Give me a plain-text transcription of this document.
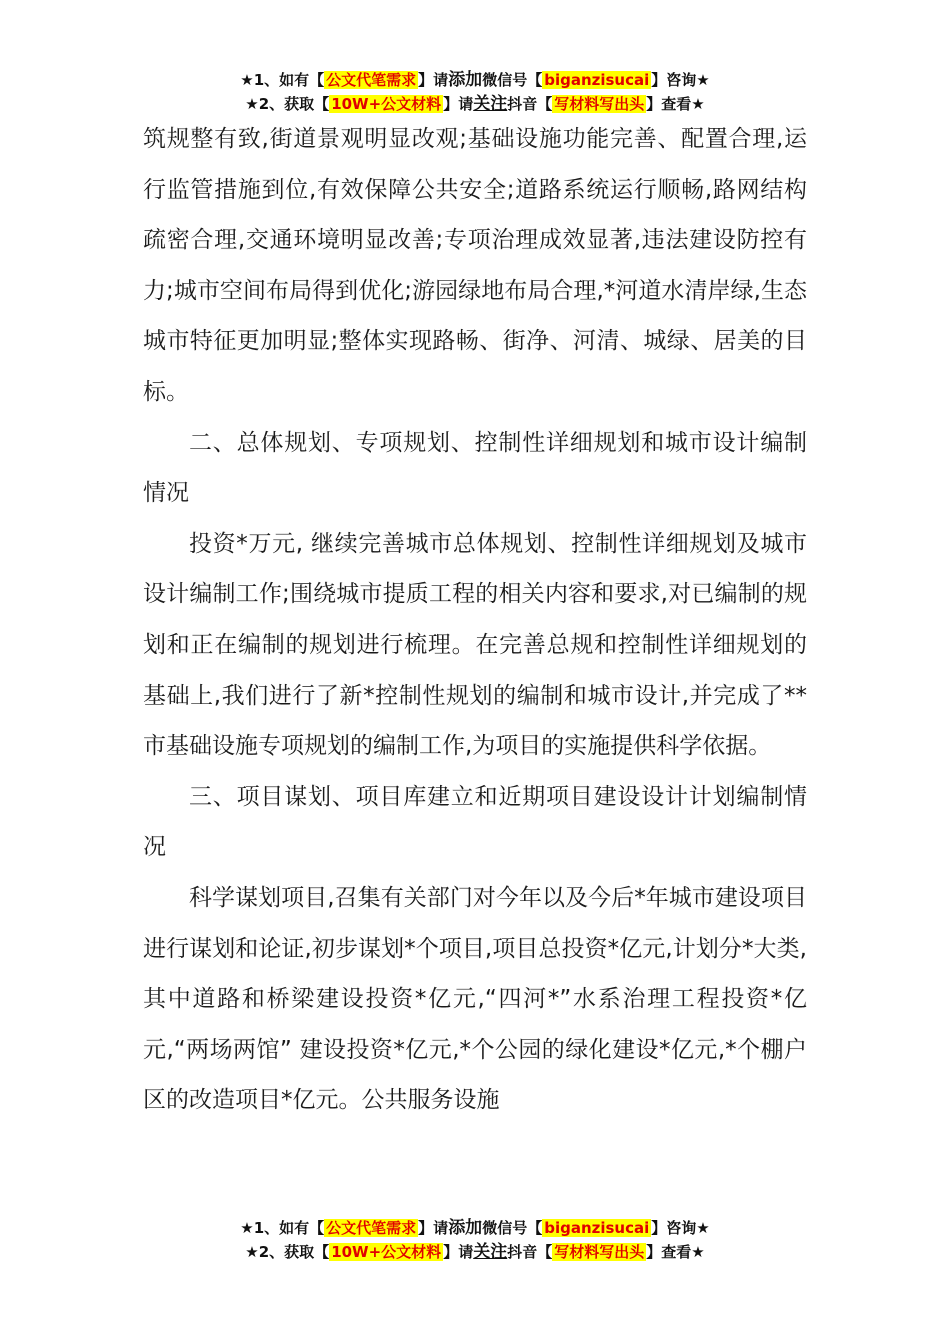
★1、如有【 公文代笔需求 】请添加微信号【 biganzisucai 】咨询★
★2、获取【 10W+公文材料 】请关注抖音【 写材料写出头 】查看★

筑规整有致,街道景观明显改观;基础设施功能完善、配置合理,运行监管措施到位,有效保障公共安全;道路系统运行顺畅,路网结构疏密合理,交通环境明显改善;专项治理成效显著,违法建设防控有力;城市空间布局得到优化;游园绿地布局合理,*河道水清岸绿,生态城市特征更加明显;整体实现路畅、街净、河清、城绿、居美的目标。

二、总体规划、专项规划、控制性详细规划和城市设计编制情况

投资*万元, 继续完善城市总体规划、控制性详细规划及城市设计编制工作;围绕城市提质工程的相关内容和要求,对已编制的规划和正在编制的规划进行梳理。在完善总规和控制性详细规划的基础上,我们进行了新*控制性规划的编制和城市设计,并完成了**市基础设施专项规划的编制工作,为项目的实施提供科学依据。

三、项目谋划、项目库建立和近期项目建设设计计划编制情况

科学谋划项目,召集有关部门对今年以及今后*年城市建设项目进行谋划和论证,初步谋划*个项目,项目总投资*亿元,计划分*大类,其中道路和桥梁建设投资*亿元,“四河*”水系治理工程投资*亿元,“两场两馆” 建设投资*亿元,*个公园的绿化建设*亿元,*个棚户区的改造项目*亿元。公共服务设施

★1、如有【 公文代笔需求 】请添加微信号【 biganzisucai 】咨询★
★2、获取【 10W+公文材料 】请关注抖音【 写材料写出头 】查看★
